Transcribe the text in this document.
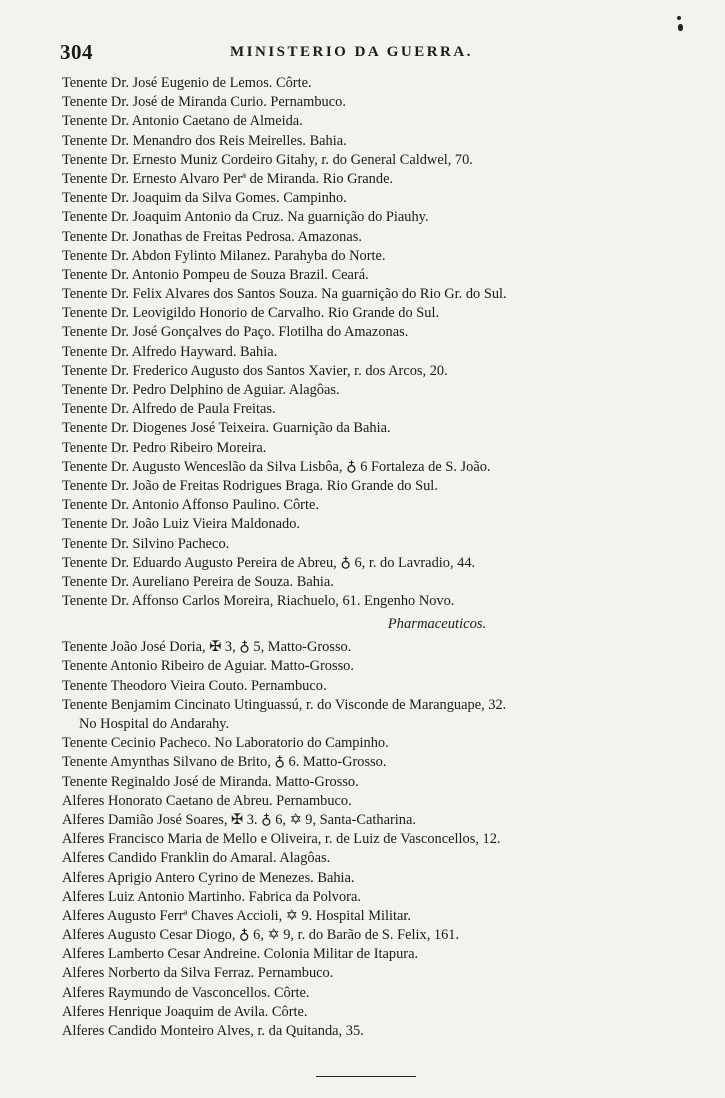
304	MINISTERIO DA GUERRA.
Tenente Dr. José Eugenio de Lemos. Côrte.
Tenente Dr. José de Miranda Curio. Pernambuco.
Tenente Dr. Antonio Caetano de Almeida.
Tenente Dr. Menandro dos Reis Meirelles. Bahia.
Tenente Dr. Ernesto Muniz Cordeiro Gitahy, r. do General Caldwel, 70.
Tenente Dr. Ernesto Alvaro Perª de Miranda. Rio Grande.
Tenente Dr. Joaquim da Silva Gomes. Campinho.
Tenente Dr. Joaquim Antonio da Cruz. Na guarnição do Piauhy.
Tenente Dr. Jonathas de Freitas Pedrosa. Amazonas.
Tenente Dr. Abdon Fylinto Milanez. Parahyba do Norte.
Tenente Dr. Antonio Pompeu de Souza Brazil. Ceará.
Tenente Dr. Felix Alvares dos Santos Souza. Na guarnição do Rio Gr. do Sul.
Tenente Dr. Leovigildo Honorio de Carvalho. Rio Grande do Sul.
Tenente Dr. José Gonçalves do Paço. Flotilha do Amazonas.
Tenente Dr. Alfredo Hayward. Bahia.
Tenente Dr. Frederico Augusto dos Santos Xavier, r. dos Arcos, 20.
Tenente Dr. Pedro Delphino de Aguiar. Alagôas.
Tenente Dr. Alfredo de Paula Freitas.
Tenente Dr. Diogenes José Teixeira. Guarnição da Bahia.
Tenente Dr. Pedro Ribeiro Moreira.
Tenente Dr. Augusto Wenceslão da Silva Lisbôa, ♁ 6 Fortaleza de S. João.
Tenente Dr. João de Freitas Rodrigues Braga. Rio Grande do Sul.
Tenente Dr. Antonio Affonso Paulino. Côrte.
Tenente Dr. João Luiz Vieira Maldonado.
Tenente Dr. Silvino Pacheco.
Tenente Dr. Eduardo Augusto Pereira de Abreu, ♁ 6, r. do Lavradio, 44.
Tenente Dr. Aureliano Pereira de Souza. Bahia.
Tenente Dr. Affonso Carlos Moreira, Riachuelo, 61. Engenho Novo.
Pharmaceuticos.
Tenente João José Doria, ✠ 3, ♁ 5, Matto-Grosso.
Tenente Antonio Ribeiro de Aguiar. Matto-Grosso.
Tenente Theodoro Vieira Couto. Pernambuco.
Tenente Benjamim Cincinato Utinguassú, r. do Visconde de Maranguape, 32.
No Hospital do Andarahy.
Tenente Cecinio Pacheco. No Laboratorio do Campinho.
Tenente Amynthas Silvano de Brito, ♁ 6. Matto-Grosso.
Tenente Reginaldo José de Miranda. Matto-Grosso.
Alferes Honorato Caetano de Abreu. Pernambuco.
Alferes Damião José Soares, ✠ 3. ♁ 6, ✡ 9, Santa-Catharina.
Alferes Francisco Maria de Mello e Oliveira, r. de Luiz de Vasconcellos, 12.
Alferes Candido Franklin do Amaral. Alagôas.
Alferes Aprigio Antero Cyrino de Menezes. Bahia.
Alferes Luiz Antonio Martinho. Fabrica da Polvora.
Alferes Augusto Ferrª Chaves Accioli, ✡ 9. Hospital Militar.
Alferes Augusto Cesar Diogo, ♁ 6, ✡ 9, r. do Barão de S. Felix, 161.
Alferes Lamberto Cesar Andreine. Colonia Militar de Itapura.
Alferes Norberto da Silva Ferraz. Pernambuco.
Alferes Raymundo de Vasconcellos. Côrte.
Alferes Henrique Joaquim de Avila. Côrte.
Alferes Candido Monteiro Alves, r. da Quitanda, 35.
